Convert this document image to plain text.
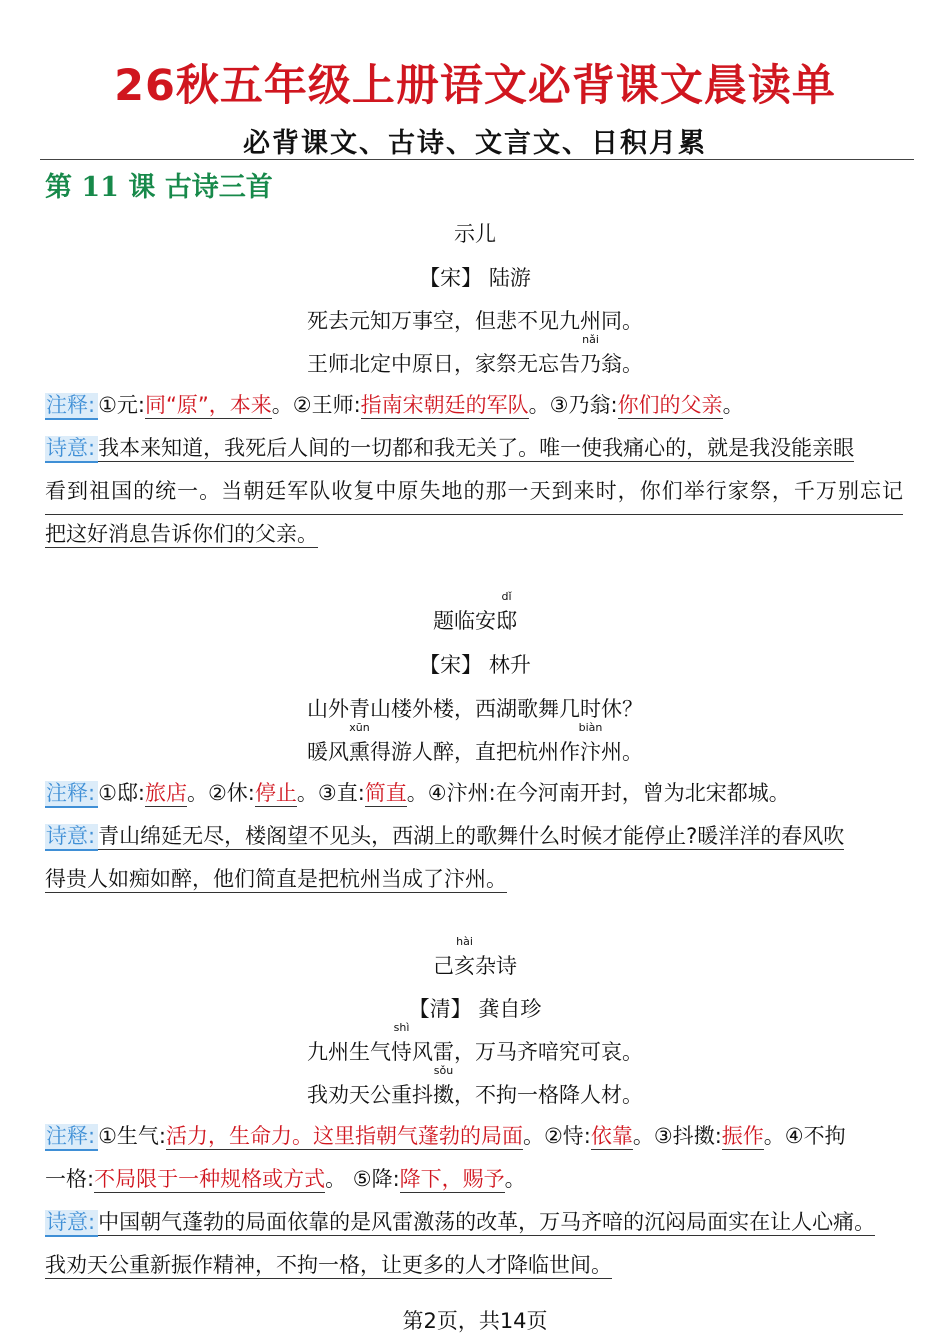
26秋五年级上册语文必背课文晨读单
必背课文、古诗、文言文、日积月累
第 11 课 古诗三首
示儿
【宋】 陆游
死去元知万事空，但悲不见九州同。
王师北定中原日，家祭无忘告
nǎi
乃翁。
注释: ①元:同“原”，本来。②王师:指南宋朝廷的军队。③乃翁:你们的父亲。
诗意: 我本来知道，我死后人间的一切都和我无关了。唯一使我痛心的，就是我没能亲眼
看到祖国的统一。当朝廷军队收复中原失地的那一天到来时，你们举行家祭，千万别忘记
把这好消息告诉你们的父亲。
题临安
dǐ
邸
【宋】 林升
山外青山楼外楼，西湖歌舞几时休？
暖风
xūn
熏得游人醉，直把杭州作
biàn
汴州。
注释: ①邸:旅店。②休:停止。③直:简直。④汴州:在今河南开封，曾为北宋都城。
诗意: 青山绵延无尽，楼阁望不见头，西湖上的歌舞什么时候才能停止?暖洋洋的春风吹
得贵人如痴如醉，他们简直是把杭州当成了汴州。
己
hài
亥杂诗
【清】 龚自珍
九州生气
shì
恃风雷，万马齐喑究可哀。
我劝天公重抖
sǒu
擞，不拘一格降人材。
注释: ①生气:活力，生命力。这里指朝气蓬勃的局面。②恃:依靠。③抖擞:振作。④不拘
一格:不局限于一种规格或方式。 ⑤降:降下，赐予。
诗意: 中国朝气蓬勃的局面依靠的是风雷激荡的改革，万马齐喑的沉闷局面实在让人心痛。
我劝天公重新振作精神，不拘一格，让更多的人才降临世间。
第2页，共14页
